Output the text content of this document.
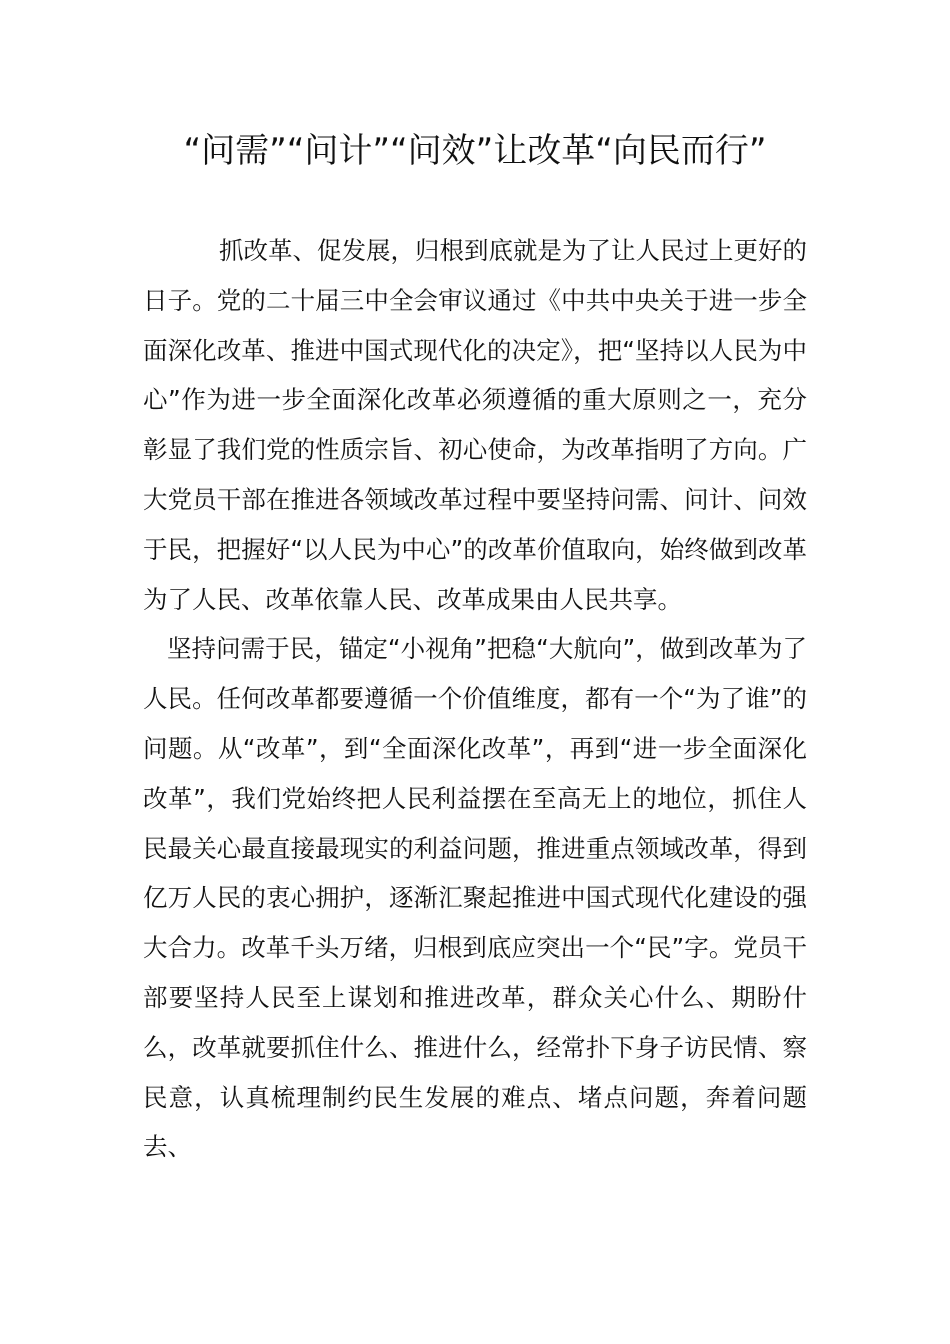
“问需”“问计”“问效”让改革“向民而行”

抓改革、促发展，归根到底就是为了让人民过上更好的日子。党的二十届三中全会审议通过《中共中央关于进一步全面深化改革、推进中国式现代化的决定》，把“坚持以人民为中心”作为进一步全面深化改革必须遵循的重大原则之一，充分彰显了我们党的性质宗旨、初心使命，为改革指明了方向。广大党员干部在推进各领域改革过程中要坚持问需、问计、问效于民，把握好“以人民为中心”的改革价值取向，始终做到改革为了人民、改革依靠人民、改革成果由人民共享。

坚持问需于民，锚定“小视角”把稳“大航向”，做到改革为了人民。任何改革都要遵循一个价值维度，都有一个“为了谁”的问题。从“改革”，到“全面深化改革”，再到“进一步全面深化改革”，我们党始终把人民利益摆在至高无上的地位，抓住人民最关心最直接最现实的利益问题，推进重点领域改革，得到亿万人民的衷心拥护，逐渐汇聚起推进中国式现代化建设的强大合力。改革千头万绪，归根到底应突出一个“民”字。党员干部要坚持人民至上谋划和推进改革，群众关心什么、期盼什么，改革就要抓住什么、推进什么，经常扑下身子访民情、察民意，认真梳理制约民生发展的难点、堵点问题，奔着问题去、
